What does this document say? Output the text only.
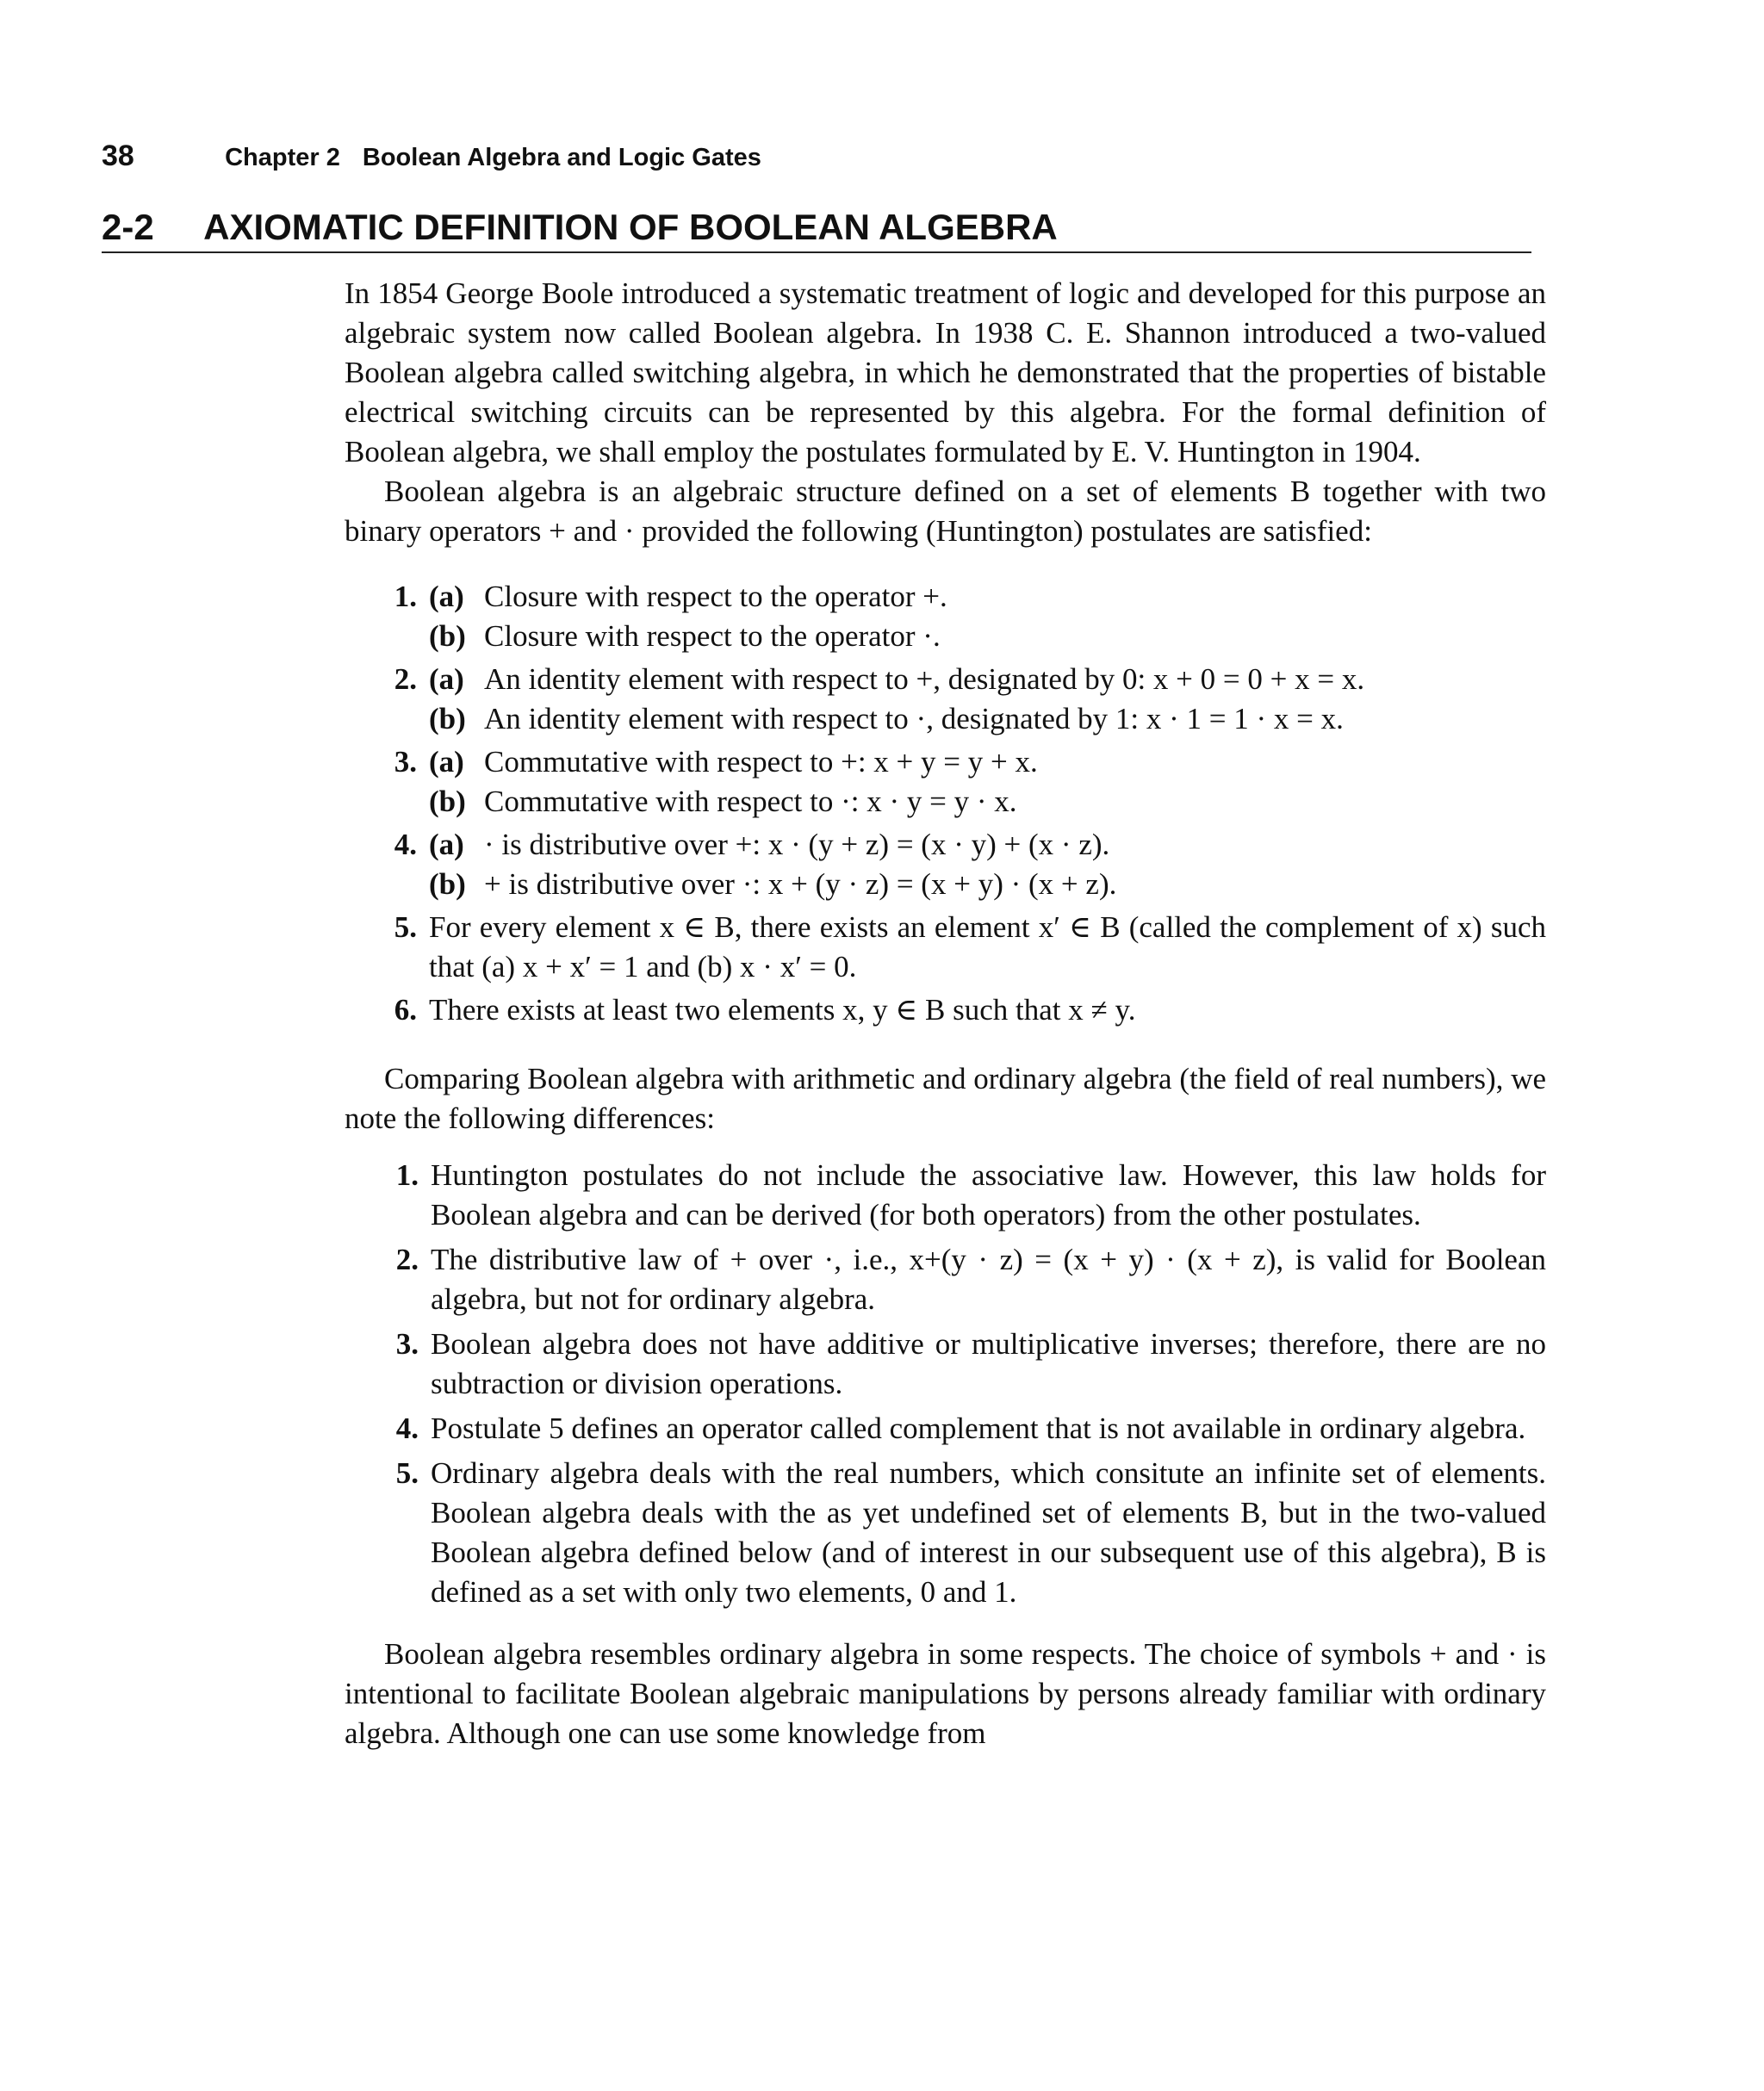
38	Chapter 2 Boolean Algebra and Logic Gates
2-2 AXIOMATIC DEFINITION OF BOOLEAN ALGEBRA

In 1854 George Boole introduced a systematic treatment of logic and developed for this purpose an algebraic system now called Boolean algebra. In 1938 C. E. Shannon introduced a two-valued Boolean algebra called switching algebra, in which he demonstrated that the properties of bistable electrical switching circuits can be represented by this algebra. For the formal definition of Boolean algebra, we shall employ the postulates formulated by E. V. Huntington in 1904.

Boolean algebra is an algebraic structure defined on a set of elements B together with two binary operators + and · provided the following (Huntington) postulates are satisfied:

1. (a) Closure with respect to the operator +.
(b) Closure with respect to the operator ·.
2. (a) An identity element with respect to +, designated by 0: x + 0 = 0 + x = x.
(b) An identity element with respect to ·, designated by 1: x · 1 = 1 · x = x.
3. (a) Commutative with respect to +: x + y = y + x.
(b) Commutative with respect to ·: x · y = y · x.
4. (a) · is distributive over +: x · (y + z) = (x · y) + (x · z).
(b) + is distributive over ·: x + (y · z) = (x + y) · (x + z).
5. For every element x ∈ B, there exists an element x′ ∈ B (called the complement of x) such that (a) x + x′ = 1 and (b) x · x′ = 0.
6. There exists at least two elements x, y ∈ B such that x ≠ y.

Comparing Boolean algebra with arithmetic and ordinary algebra (the field of real numbers), we note the following differences:

1. Huntington postulates do not include the associative law. However, this law holds for Boolean algebra and can be derived (for both operators) from the other postulates.
2. The distributive law of + over ·, i.e., x+(y · z) = (x + y) · (x + z), is valid for Boolean algebra, but not for ordinary algebra.
3. Boolean algebra does not have additive or multiplicative inverses; therefore, there are no subtraction or division operations.
4. Postulate 5 defines an operator called complement that is not available in ordinary algebra.
5. Ordinary algebra deals with the real numbers, which consitute an infinite set of elements. Boolean algebra deals with the as yet undefined set of elements B, but in the two-valued Boolean algebra defined below (and of interest in our subsequent use of this algebra), B is defined as a set with only two elements, 0 and 1.

Boolean algebra resembles ordinary algebra in some respects. The choice of symbols + and · is intentional to facilitate Boolean algebraic manipulations by persons already familiar with ordinary algebra. Although one can use some knowledge from
